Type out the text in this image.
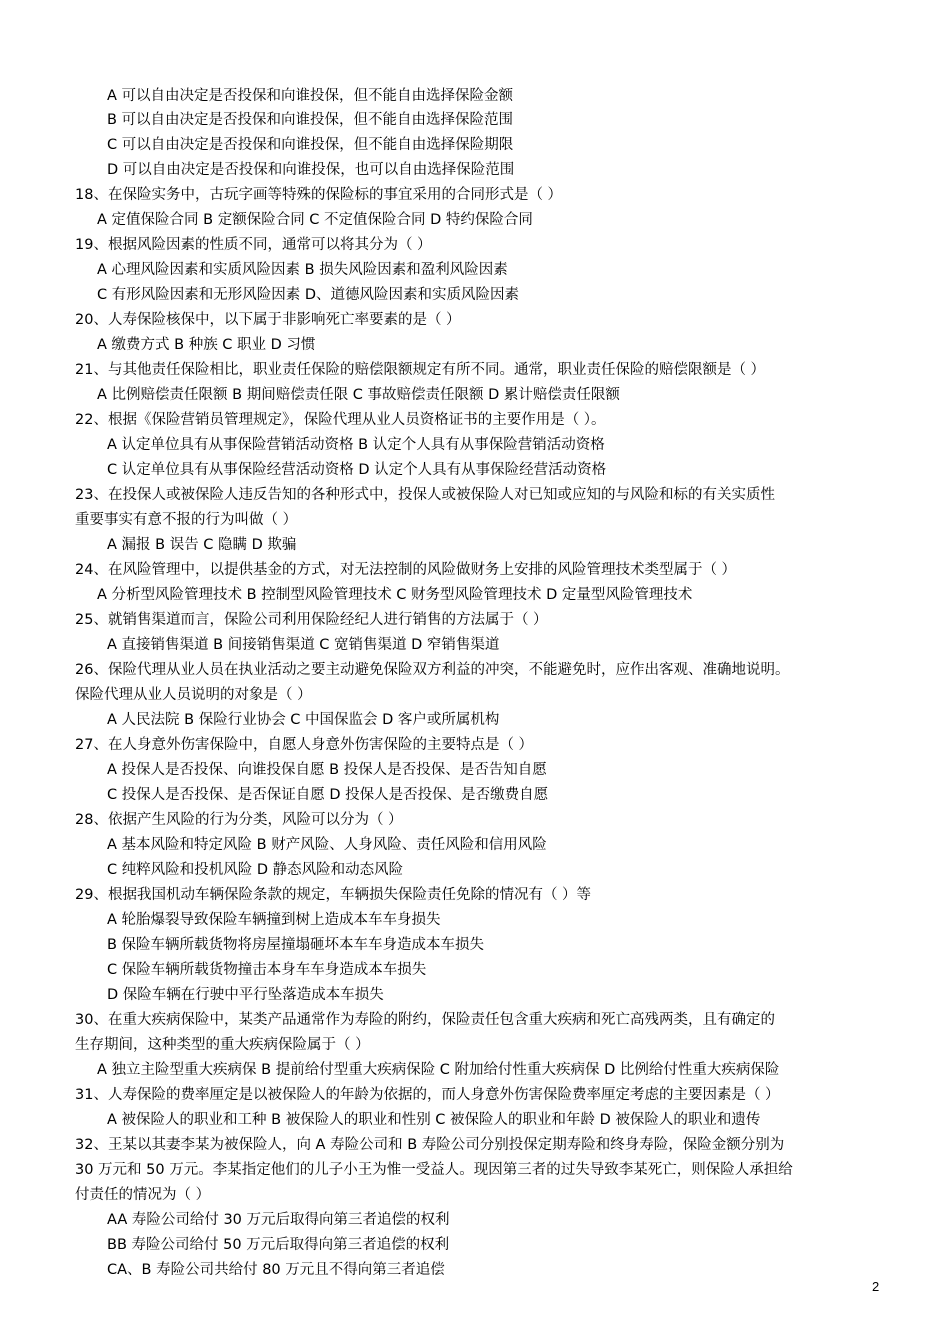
A 可以自由决定是否投保和向谁投保，但不能自由选择保险金额
B 可以自由决定是否投保和向谁投保，但不能自由选择保险范围
C 可以自由决定是否投保和向谁投保，但不能自由选择保险期限
D 可以自由决定是否投保和向谁投保，也可以自由选择保险范围
18、在保险实务中，古玩字画等特殊的保险标的事宜采用的合同形式是（ ）
A 定值保险合同 B 定额保险合同 C 不定值保险合同 D 特约保险合同
19、根据风险因素的性质不同，通常可以将其分为（ ）
A 心理风险因素和实质风险因素 B 损失风险因素和盈利风险因素
C 有形风险因素和无形风险因素 D、道德风险因素和实质风险因素
20、人寿保险核保中，以下属于非影响死亡率要素的是（ ）
A 缴费方式 B 种族 C 职业 D 习惯
21、与其他责任保险相比，职业责任保险的赔偿限额规定有所不同。通常，职业责任保险的赔偿限额是（ ）
A 比例赔偿责任限额 B 期间赔偿责任限 C 事故赔偿责任限额 D 累计赔偿责任限额
22、根据《保险营销员管理规定》，保险代理从业人员资格证书的主要作用是（ ）。
A 认定单位具有从事保险营销活动资格 B 认定个人具有从事保险营销活动资格
C 认定单位具有从事保险经营活动资格 D 认定个人具有从事保险经营活动资格
23、在投保人或被保险人违反告知的各种形式中，投保人或被保险人对已知或应知的与风险和标的有关实质性
重要事实有意不报的行为叫做（ ）
A 漏报 B 误告 C 隐瞒 D 欺骗
24、在风险管理中，以提供基金的方式，对无法控制的风险做财务上安排的风险管理技术类型属于（ ）
A 分析型风险管理技术 B 控制型风险管理技术 C 财务型风险管理技术 D 定量型风险管理技术
25、就销售渠道而言，保险公司利用保险经纪人进行销售的方法属于（ ）
A 直接销售渠道 B 间接销售渠道 C 宽销售渠道 D 窄销售渠道
26、保险代理从业人员在执业活动之要主动避免保险双方利益的冲突，不能避免时，应作出客观、准确地说明。
保险代理从业人员说明的对象是（ ）
A 人民法院 B 保险行业协会 C 中国保监会 D 客户或所属机构
27、在人身意外伤害保险中，自愿人身意外伤害保险的主要特点是（ ）
A 投保人是否投保、向谁投保自愿 B 投保人是否投保、是否告知自愿
C 投保人是否投保、是否保证自愿 D 投保人是否投保、是否缴费自愿
28、依据产生风险的行为分类，风险可以分为（ ）
A 基本风险和特定风险 B 财产风险、人身风险、责任风险和信用风险
C 纯粹风险和投机风险 D 静态风险和动态风险
29、根据我国机动车辆保险条款的规定，车辆损失保险责任免除的情况有（ ）等
A 轮胎爆裂导致保险车辆撞到树上造成本车车身损失
B 保险车辆所载货物将房屋撞塌砸坏本车车身造成本车损失
C 保险车辆所载货物撞击本身车车身造成本车损失
D 保险车辆在行驶中平行坠落造成本车损失
30、在重大疾病保险中，某类产品通常作为寿险的附约，保险责任包含重大疾病和死亡高残两类，且有确定的
生存期间，这种类型的重大疾病保险属于（ ）
A 独立主险型重大疾病保 B 提前给付型重大疾病保险 C 附加给付性重大疾病保 D 比例给付性重大疾病保险
31、人寿保险的费率厘定是以被保险人的年龄为依据的，而人身意外伤害保险费率厘定考虑的主要因素是（ ）
A 被保险人的职业和工种 B 被保险人的职业和性别 C 被保险人的职业和年龄 D 被保险人的职业和遗传
32、王某以其妻李某为被保险人，向 A 寿险公司和 B 寿险公司分别投保定期寿险和终身寿险，保险金额分别为
30 万元和 50 万元。李某指定他们的儿子小王为惟一受益人。现因第三者的过失导致李某死亡，则保险人承担给
付责任的情况为（ ）
AA 寿险公司给付 30 万元后取得向第三者追偿的权利
BB 寿险公司给付 50 万元后取得向第三者追偿的权利
CA、B 寿险公司共给付 80 万元且不得向第三者追偿
2
